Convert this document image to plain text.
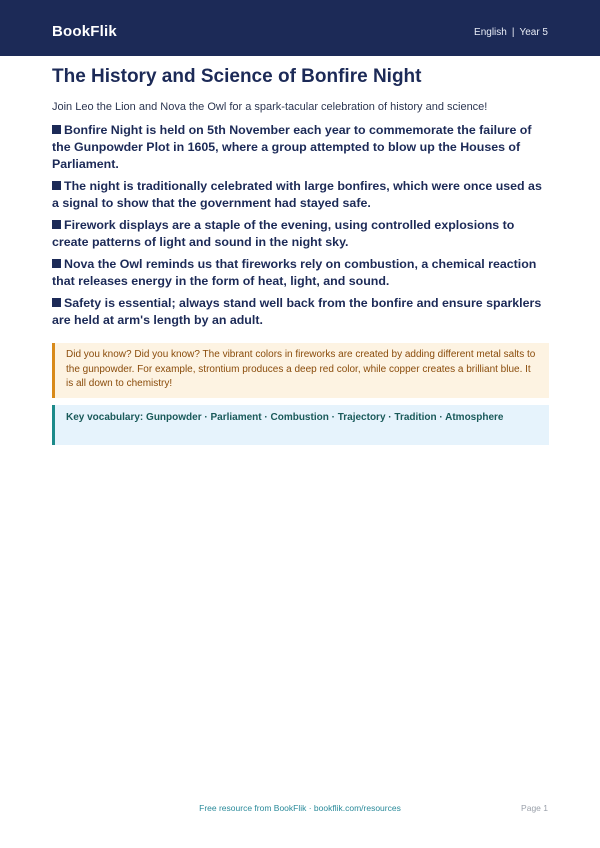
BookFlik	English | Year 5
The History and Science of Bonfire Night

Join Leo the Lion and Nova the Owl for a spark-tacular celebration of history and science!

Bonfire Night is held on 5th November each year to commemorate the failure of the Gunpowder Plot in 1605, where a group attempted to blow up the Houses of Parliament.
The night is traditionally celebrated with large bonfires, which were once used as a signal to show that the government had stayed safe.
Firework displays are a staple of the evening, using controlled explosions to create patterns of light and sound in the night sky.
Nova the Owl reminds us that fireworks rely on combustion, a chemical reaction that releases energy in the form of heat, light, and sound.
Safety is essential; always stand well back from the bonfire and ensure sparklers are held at arm's length by an adult.
Did you know? Did you know? The vibrant colors in fireworks are created by adding different metal salts to the gunpowder. For example, strontium produces a deep red color, while copper creates a brilliant blue. It is all down to chemistry!
Key vocabulary: Gunpowder · Parliament · Combustion · Trajectory · Tradition · Atmosphere
Free resource from BookFlik · bookflik.com/resources	Page 1
